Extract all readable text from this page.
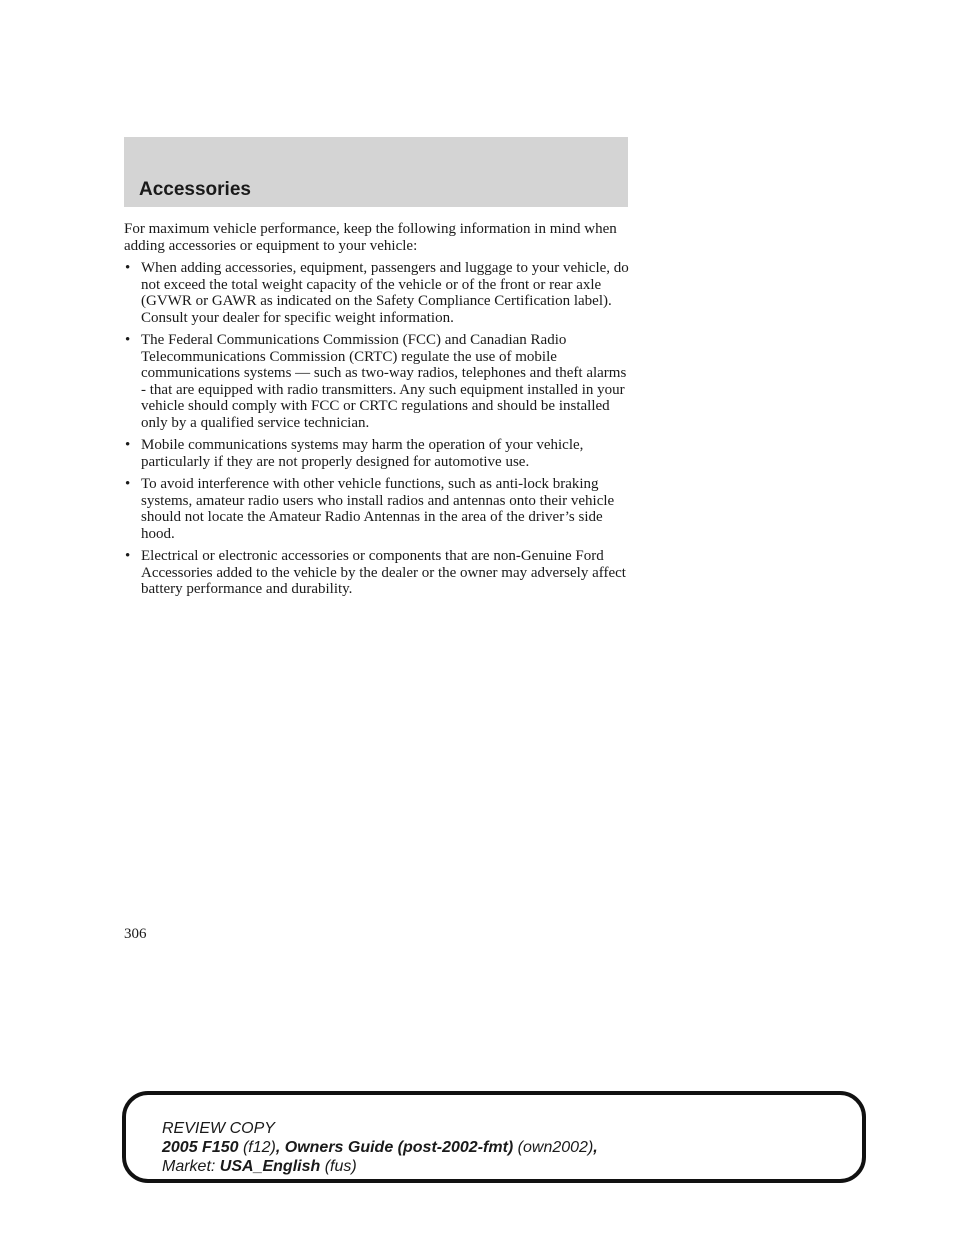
Accessories

For maximum vehicle performance, keep the following information in mind when adding accessories or equipment to your vehicle:

• When adding accessories, equipment, passengers and luggage to your vehicle, do not exceed the total weight capacity of the vehicle or of the front or rear axle (GVWR or GAWR as indicated on the Safety Compliance Certification label). Consult your dealer for specific weight information.
• The Federal Communications Commission (FCC) and Canadian Radio Telecommunications Commission (CRTC) regulate the use of mobile communications systems — such as two-way radios, telephones and theft alarms - that are equipped with radio transmitters. Any such equipment installed in your vehicle should comply with FCC or CRTC regulations and should be installed only by a qualified service technician.
• Mobile communications systems may harm the operation of your vehicle, particularly if they are not properly designed for automotive use.
• To avoid interference with other vehicle functions, such as anti-lock braking systems, amateur radio users who install radios and antennas onto their vehicle should not locate the Amateur Radio Antennas in the area of the driver’s side hood.
• Electrical or electronic accessories or components that are non-Genuine Ford Accessories added to the vehicle by the dealer or the owner may adversely affect battery performance and durability.
306
REVIEW COPY
2005 F150 (f12), Owners Guide (post-2002-fmt) (own2002),
Market: USA_English (fus)
